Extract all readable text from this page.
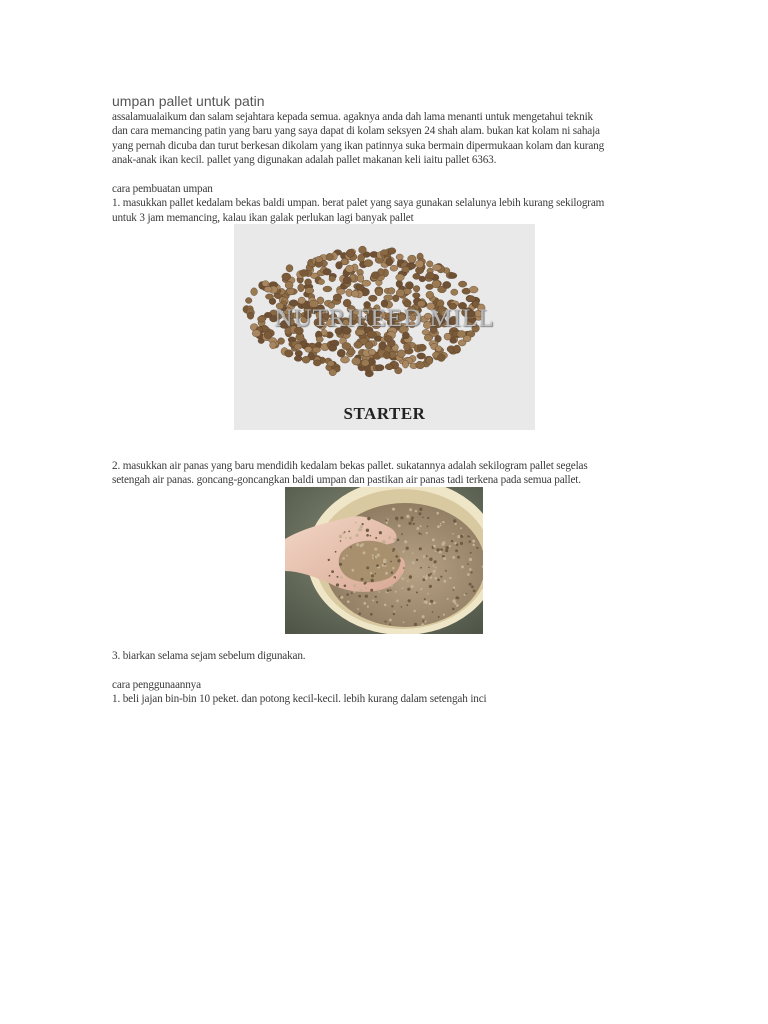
umpan pallet untuk patin
assalamualaikum dan salam sejahtara kepada semua. agaknya anda dah lama menanti untuk mengetahui teknik
dan cara memancing patin yang baru yang saya dapat di kolam seksyen 24 shah alam. bukan kat kolam ni sahaja
yang pernah dicuba dan turut berkesan dikolam yang ikan patinnya suka bermain dipermukaan kolam dan kurang
anak-anak ikan kecil. pallet yang digunakan adalah pallet makanan keli iaitu pallet 6363.
cara pembuatan umpan
1. masukkan pallet kedalam bekas baldi umpan. berat palet yang saya gunakan selalunya lebih kurang sekilogram
untuk 3 jam memancing, kalau ikan galak perlukan lagi banyak pallet
NUTRIFEED MILL
STARTER
2. masukkan air panas yang baru mendidih kedalam bekas pallet. sukatannya adalah sekilogram pallet segelas
setengah air panas. goncang-goncangkan baldi umpan dan pastikan air panas tadi terkena pada semua pallet.
3. biarkan selama sejam sebelum digunakan.
cara penggunaannya
1. beli jajan bin-bin 10 peket. dan potong kecil-kecil. lebih kurang dalam setengah inci
